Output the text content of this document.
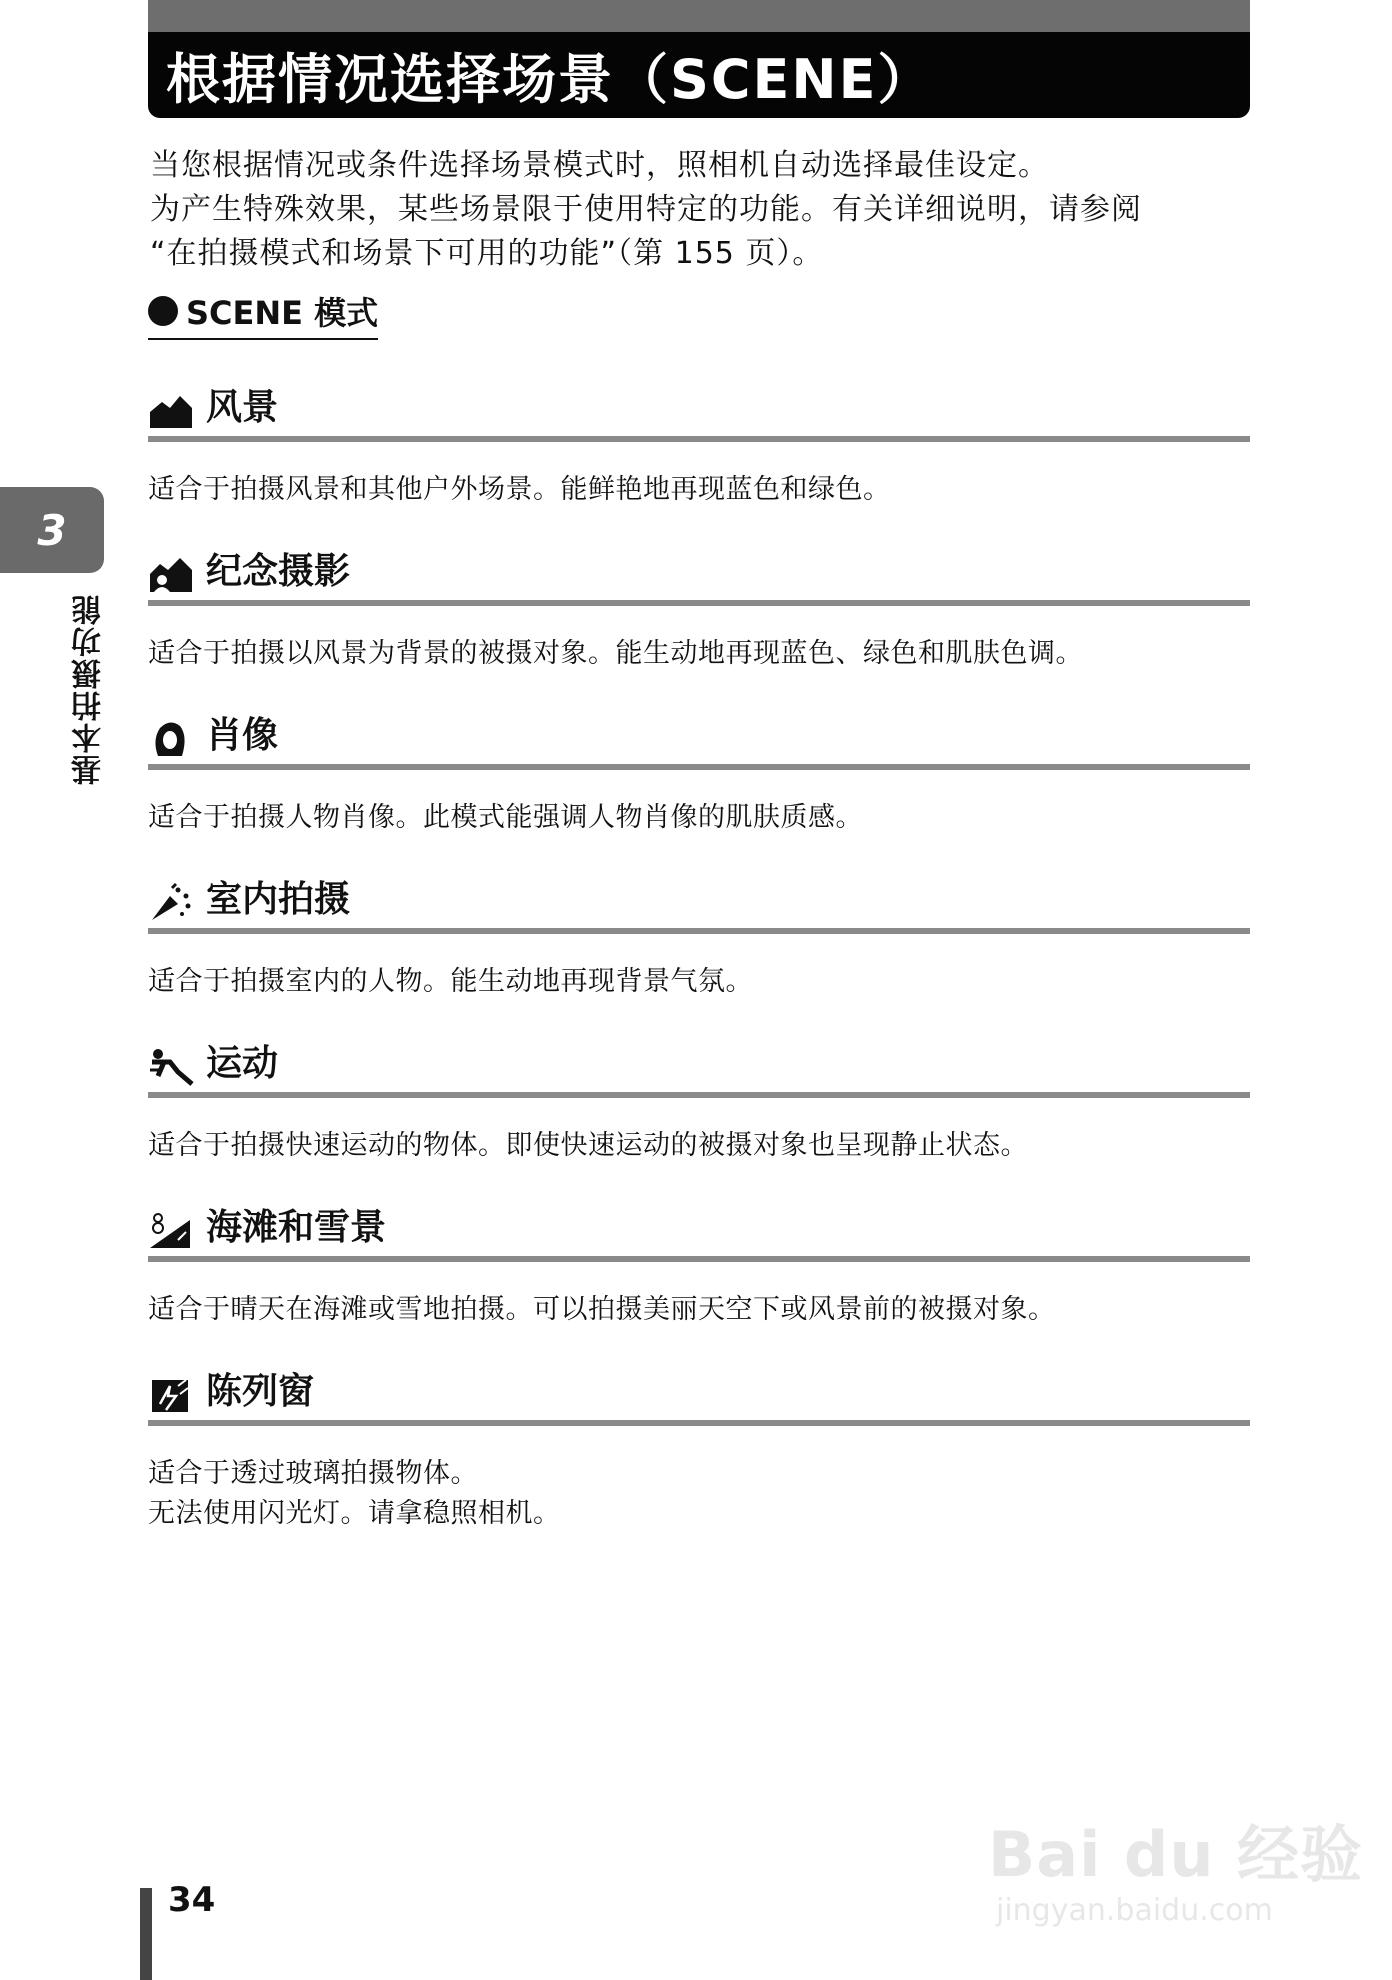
根据情况选择场景（SCENE）
当您根据情况或条件选择场景模式时，照相机自动选择最佳设定。
为产生特殊效果，某些场景限于使用特定的功能。有关详细说明，请参阅
“在拍摄模式和场景下可用的功能”（第 155 页）。
SCENE 模式
风景
适合于拍摄风景和其他户外场景。能鲜艳地再现蓝色和绿色。
纪念摄影
适合于拍摄以风景为背景的被摄对象。能生动地再现蓝色、绿色和肌肤色调。
肖像
适合于拍摄人物肖像。此模式能强调人物肖像的肌肤质感。
室内拍摄
适合于拍摄室内的人物。能生动地再现背景气氛。
运动
适合于拍摄快速运动的物体。即使快速运动的被摄对象也呈现静止状态。
海滩和雪景
适合于晴天在海滩或雪地拍摄。可以拍摄美丽天空下或风景前的被摄对象。
陈列窗
适合于透过玻璃拍摄物体。
无法使用闪光灯。请拿稳照相机。
3
基本拍摄功能
34
Bai du 经验
jingyan.baidu.com
